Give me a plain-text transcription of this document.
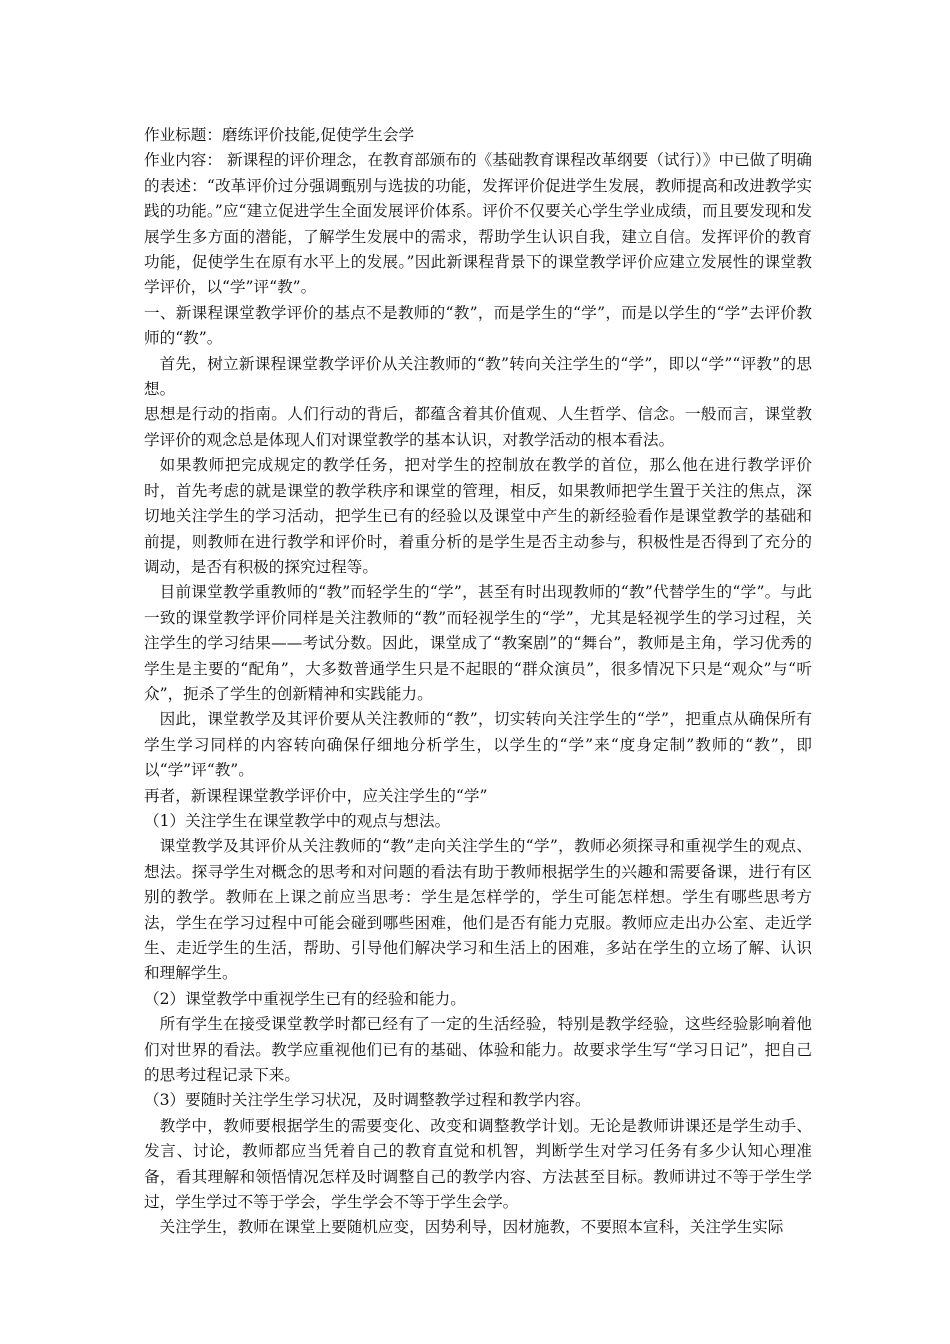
作业标题：磨练评价技能,促使学生会学

作业内容： 新课程的评价理念，在教育部颁布的《基础教育课程改革纲要（试行）》中已做了明确的表述：“改革评价过分强调甄别与选拔的功能，发挥评价促进学生发展，教师提高和改进教学实践的功能。”应“建立促进学生全面发展评价体系。评价不仅要关心学生学业成绩，而且要发现和发展学生多方面的潜能，了解学生发展中的需求，帮助学生认识自我，建立自信。发挥评价的教育功能，促使学生在原有水平上的发展。”因此新课程背景下的课堂教学评价应建立发展性的课堂教学评价，以“学”评“教”。

一、新课程课堂教学评价的基点不是教师的“教”，而是学生的“学”，而是以学生的“学”去评价教师的“教”。

首先，树立新课程课堂教学评价从关注教师的“教”转向关注学生的“学”，即以“学”“评教”的思想。

思想是行动的指南。人们行动的背后，都蕴含着其价值观、人生哲学、信念。一般而言，课堂教学评价的观念总是体现人们对课堂教学的基本认识，对教学活动的根本看法。

如果教师把完成规定的教学任务，把对学生的控制放在教学的首位，那么他在进行教学评价时，首先考虑的就是课堂的教学秩序和课堂的管理，相反，如果教师把学生置于关注的焦点，深切地关注学生的学习活动，把学生已有的经验以及课堂中产生的新经验看作是课堂教学的基础和前提，则教师在进行教学和评价时，着重分析的是学生是否主动参与，积极性是否得到了充分的调动，是否有积极的探究过程等。

目前课堂教学重教师的“教”而轻学生的“学”，甚至有时出现教师的“教”代替学生的“学”。与此一致的课堂教学评价同样是关注教师的“教”而轻视学生的“学”，尤其是轻视学生的学习过程，关注学生的学习结果——考试分数。因此，课堂成了“教案剧”的“舞台”，教师是主角，学习优秀的学生是主要的“配角”，大多数普通学生只是不起眼的“群众演员”，很多情况下只是“观众”与“听众”，扼杀了学生的创新精神和实践能力。

因此，课堂教学及其评价要从关注教师的“教”，切实转向关注学生的“学”，把重点从确保所有学生学习同样的内容转向确保仔细地分析学生，以学生的“学”来“度身定制”教师的“教”，即以“学”评“教”。

再者，新课程课堂教学评价中，应关注学生的“学”

（1）关注学生在课堂教学中的观点与想法。

课堂教学及其评价从关注教师的“教”走向关注学生的“学”，教师必须探寻和重视学生的观点、想法。探寻学生对概念的思考和对问题的看法有助于教师根据学生的兴趣和需要备课，进行有区别的教学。教师在上课之前应当思考：学生是怎样学的，学生可能怎样想。学生有哪些思考方法，学生在学习过程中可能会碰到哪些困难，他们是否有能力克服。教师应走出办公室、走近学生、走近学生的生活，帮助、引导他们解决学习和生活上的困难，多站在学生的立场了解、认识和理解学生。

（2）课堂教学中重视学生已有的经验和能力。

所有学生在接受课堂教学时都已经有了一定的生活经验，特别是教学经验，这些经验影响着他们对世界的看法。教学应重视他们已有的基础、体验和能力。故要求学生写“学习日记”，把自己的思考过程记录下来。

（3）要随时关注学生学习状况，及时调整教学过程和教学内容。

教学中，教师要根据学生的需要变化、改变和调整教学计划。无论是教师讲课还是学生动手、发言、讨论，教师都应当凭着自己的教育直觉和机智，判断学生对学习任务有多少认知心理准备，看其理解和领悟情况怎样及时调整自己的教学内容、方法甚至目标。教师讲过不等于学生学过，学生学过不等于学会，学生学会不等于学生会学。

关注学生，教师在课堂上要随机应变，因势利导，因材施教，不要照本宣科，关注学生实际
